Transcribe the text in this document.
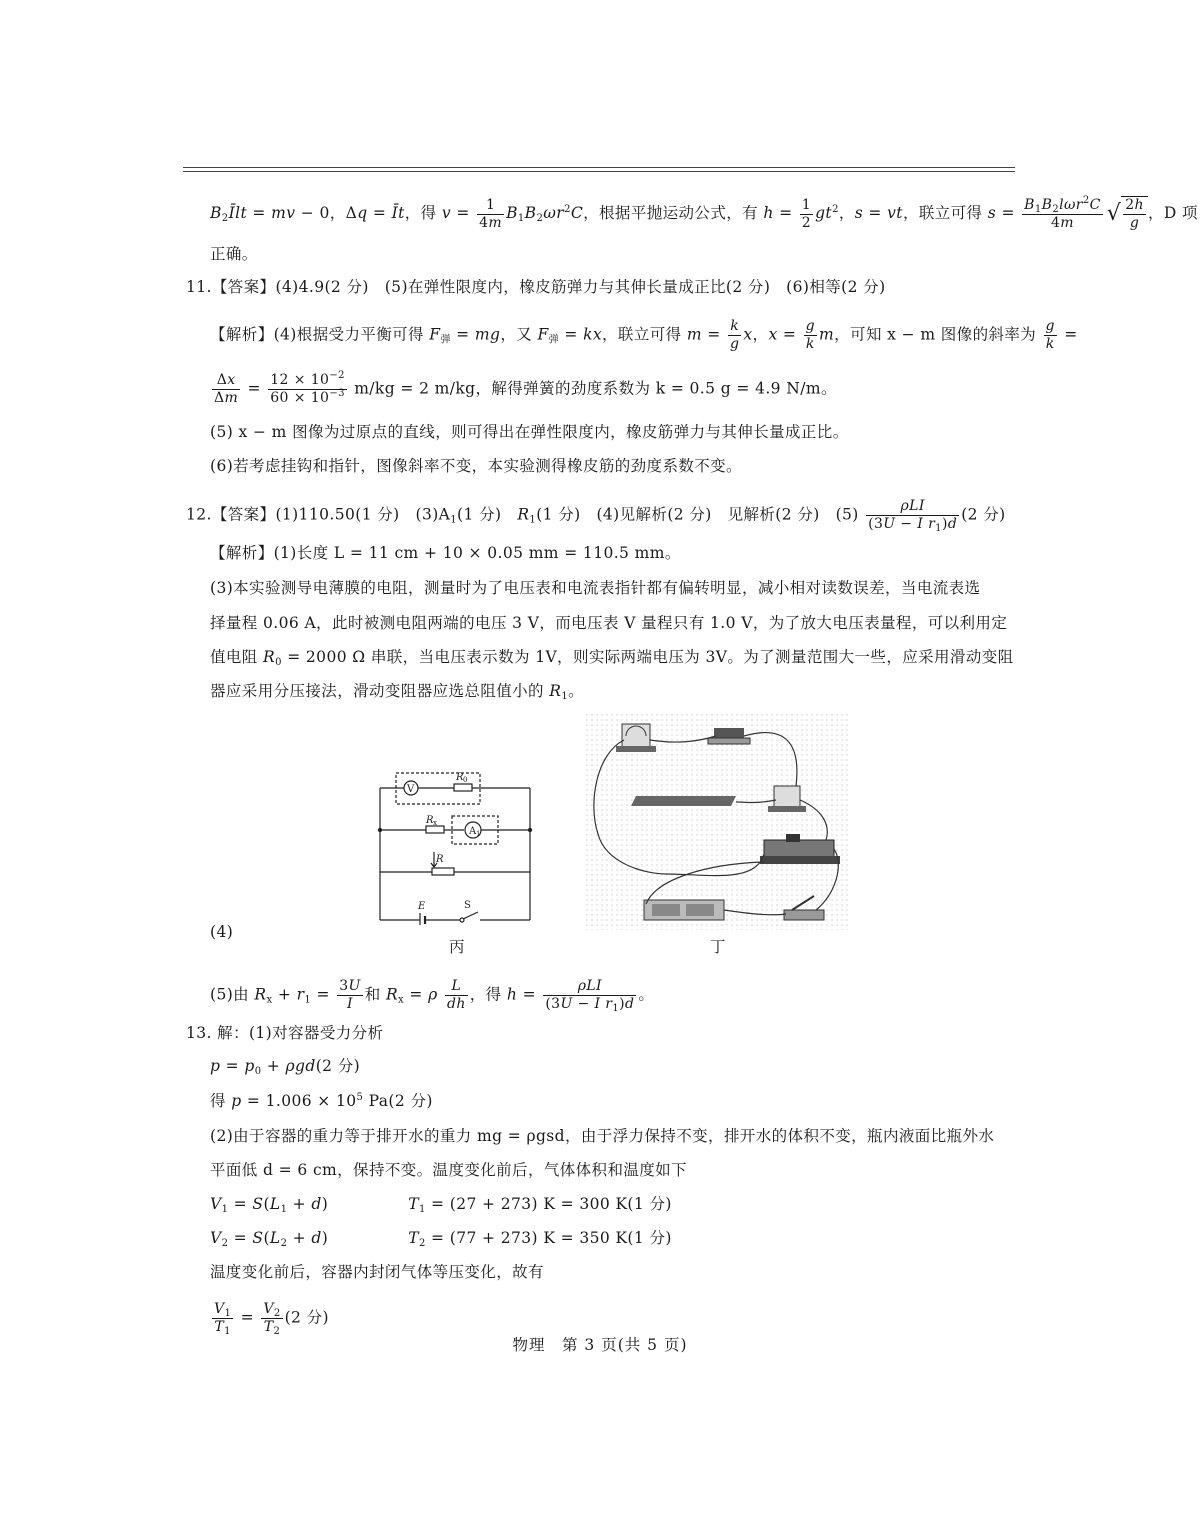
$B_2Īlt$ = mv − 0，Δq = Īt，得 $v = \frac{1}{4m} B_1B_2\omega r^2C$，根据平抛运动公式，有 $h = \frac{1}{2} gt^2$，s = vt，联立可得 $s = \frac{B_1B_2l\omega r^2C}{4m}$ √ $\frac{2h}{g}$ ，D 项
正确。
11.【答案】(4)4.9(2 分)　(5)在弹性限度内，橡皮筋弹力与其伸长量成正比(2 分)　(6)相等(2 分)
【解析】(4)根据受力平衡可得 $F_弹$ = mg，又 $F_弹$ = kx，联立可得 $m = \frac{k}{g}$ x，$x = \frac{g}{k}$ m，可知 x − m 图像的斜率为 $\frac{g}{k}$ =
$\frac{\Delta x}{\Delta m} = \frac{12 \times 10^{-2}}{60 \times 10^{-3}} m/kg = 2$ m/kg，解得弹簧的劲度系数为 k = 0.5 g = 4.9 N/m。
(5) x − m 图像为过原点的直线，则可得出在弹性限度内，橡皮筋弹力与其伸长量成正比。
(6)若考虑挂钩和指针，图像斜率不变，本实验测得橡皮筋的劲度系数不变。
12.【答案】(1)110.50(1 分)　$(3)A_1(1$ 分)　$R_1(1$ 分)　(4)见解析(2 分)　见解析(2 分)　$(5) \frac{\text{ρLI}}{(3U - I r_1)d} (2$ 分)
【解析】(1)长度 L = 11 cm + 10 × 0.05 mm = 110.5 mm。
(3)本实验测导电薄膜的电阻，测量时为了电压表和电流表指针都有偏转明显，减小相对读数误差，当电流表选
择量程 0.06 A，此时被测电阻两端的电压 3 V，而电压表 V 量程只有 1.0 V，为了放大电压表量程，可以利用定
值电阻 $R_0 = 2000$ Ω 串联，当电压表示数为 1V，则实际两端电压为 3V。为了测量范围大一些，应采用滑动变阻
器应采用分压接法，滑动变阻器应选总阻值小的 $R_1$。
(4)
V
R 0
R x
A 1
R
E	S
丙	丁
(5)由 $R_x + r_1 = \frac{3U}{I}$ 和 $R_x = \rho \frac{L}{dh}$ ，得 $h = \frac{\text{ρLI}}{(3U - I r_1)d}$ 。
13. 解：(1)对容器受力分析
$p = p_0 + \rho gd(2$ 分)
得 $p = 1.006 \times 10^5$ Pa(2 分)
(2)由于容器的重力等于排开水的重力 mg = ρgsd，由于浮力保持不变，排开水的体积不变，瓶内液面比瓶外水
平面低 d = 6 cm，保持不变。温度变化前后，气体体积和温度如下
$V_1 = S(L_1 + d)$	$T_1 = (27 + 273) K = 300$ K(1 分)
$V_2 = S(L_2 + d)$	$T_2 = (77 + 273) K = 350$ K(1 分)
温度变化前后，容器内封闭气体等压变化，故有
$\frac{V_1}{T_1} = \frac{V_2}{T_2} (2$ 分)
物理　第 3 页(共 5 页)
